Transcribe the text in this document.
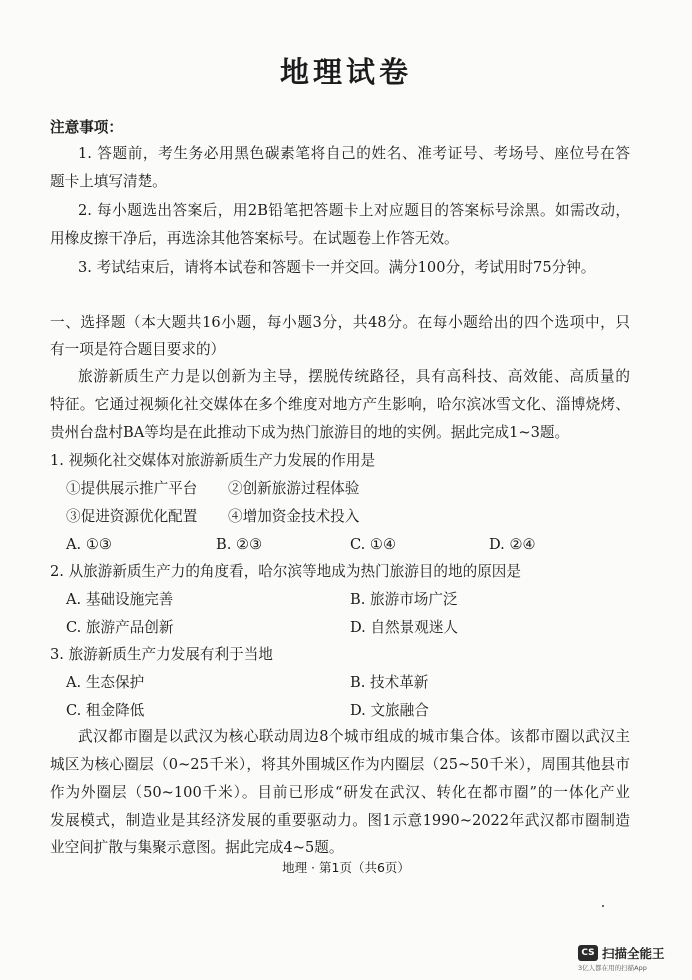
地理试卷
注意事项：
1. 答题前，考生务必用黑色碳素笔将自己的姓名、准考证号、考场号、座位号在答
题卡上填写清楚。
2. 每小题选出答案后，用2B铅笔把答题卡上对应题目的答案标号涂黑。如需改动，
用橡皮擦干净后，再选涂其他答案标号。在试题卷上作答无效。
3. 考试结束后，请将本试卷和答题卡一并交回。满分100分，考试用时75分钟。
一、选择题（本大题共16小题，每小题3分，共48分。在每小题给出的四个选项中，只
有一项是符合题目要求的）
旅游新质生产力是以创新为主导，摆脱传统路径，具有高科技、高效能、高质量的
特征。它通过视频化社交媒体在多个维度对地方产生影响，哈尔滨冰雪文化、淄博烧烤、
贵州台盘村BA等均是在此推动下成为热门旅游目的地的实例。据此完成1~3题。
1. 视频化社交媒体对旅游新质生产力发展的作用是
①提供展示推广平台 ②创新旅游过程体验
③促进资源优化配置 ④增加资金技术投入
A. ①③	B. ②③	C. ①④	D. ②④
2. 从旅游新质生产力的角度看，哈尔滨等地成为热门旅游目的地的原因是
A. 基础设施完善	B. 旅游市场广泛
C. 旅游产品创新	D. 自然景观迷人
3. 旅游新质生产力发展有利于当地
A. 生态保护	B. 技术革新
C. 租金降低	D. 文旅融合
武汉都市圈是以武汉为核心联动周边8个城市组成的城市集合体。该都市圈以武汉主
城区为核心圈层（0~25千米），将其外围城区作为内圈层（25~50千米），周围其他县市
作为外圈层（50~100千米）。目前已形成“研发在武汉、转化在都市圈”的一体化产业
发展模式，制造业是其经济发展的重要驱动力。图1示意1990~2022年武汉都市圈制造
业空间扩散与集聚示意图。据此完成4~5题。
地理 · 第1页（共6页）
CS 扫描全能王
3亿人都在用的扫描App
